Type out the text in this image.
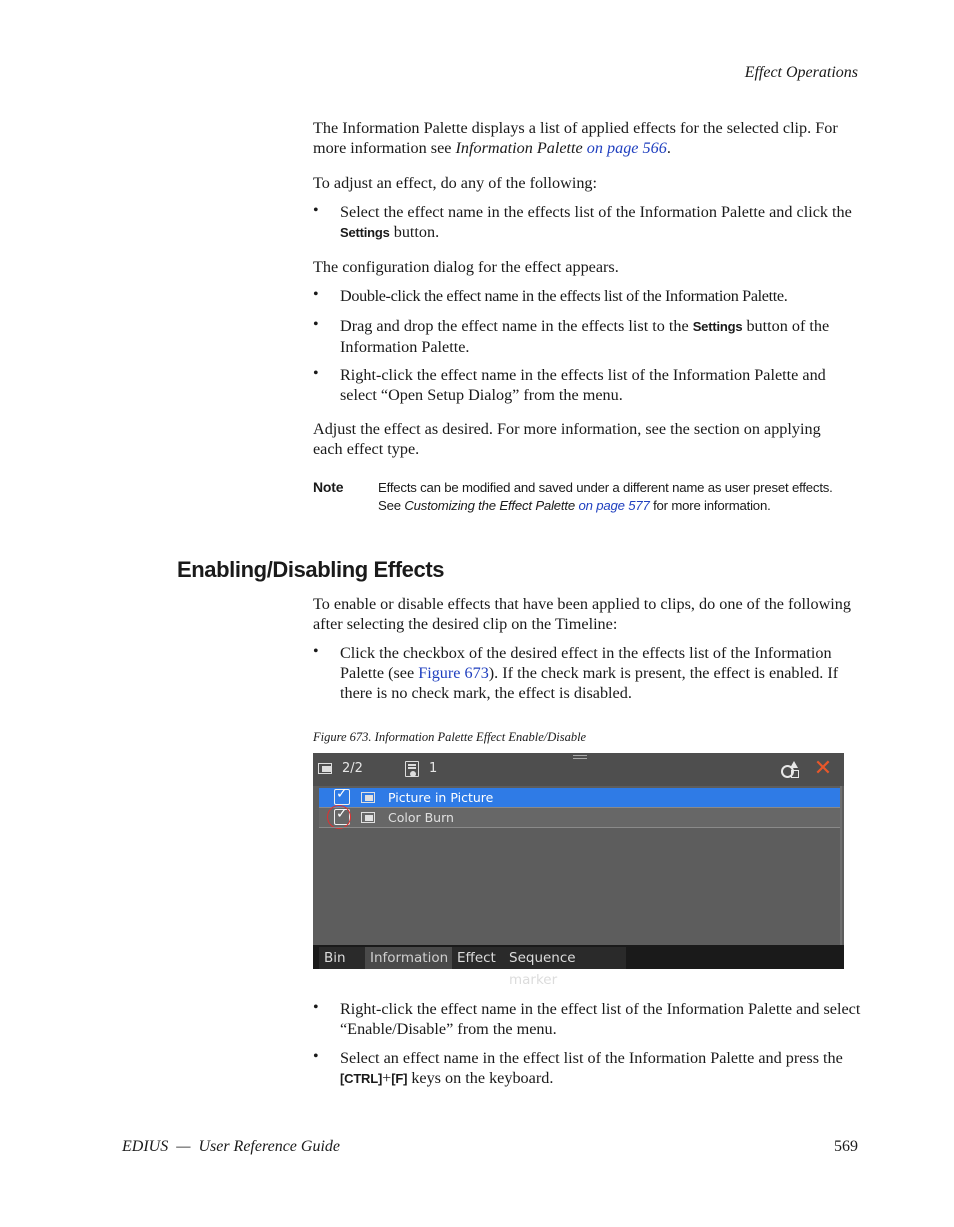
Effect Operations
The Information Palette displays a list of applied effects for the selected clip. For more information see Information Palette on page 566.
To adjust an effect, do any of the following:
•	Select the effect name in the effects list of the Information Palette and click the Settings button.
The configuration dialog for the effect appears.
•	Double-click the effect name in the effects list of the Information Palette.
•	Drag and drop the effect name in the effects list to the Settings button of the Information Palette.
•	Right-click the effect name in the effects list of the Information Palette and select “Open Setup Dialog” from the menu.
Adjust the effect as desired. For more information, see the section on applying each effect type.
Note	Effects can be modified and saved under a different name as user preset effects. See Customizing the Effect Palette on page 577 for more information.
Enabling/Disabling Effects
To enable or disable effects that have been applied to clips, do one of the following after selecting the desired clip on the Timeline:
•	Click the checkbox of the desired effect in the effects list of the Information Palette (see Figure 673). If the check mark is present, the effect is enabled. If there is no check mark, the effect is disabled.
Figure 673. Information Palette Effect Enable/Disable
2/2	1	✕
✓	Picture in Picture
✓	Color Burn
Bin	Information Effect Sequence marker
•	Right-click the effect name in the effect list of the Information Palette and select “Enable/Disable” from the menu.
•	Select an effect name in the effect list of the Information Palette and press the [CTRL]+[F] keys on the keyboard.
EDIUS  —  User Reference Guide	569
